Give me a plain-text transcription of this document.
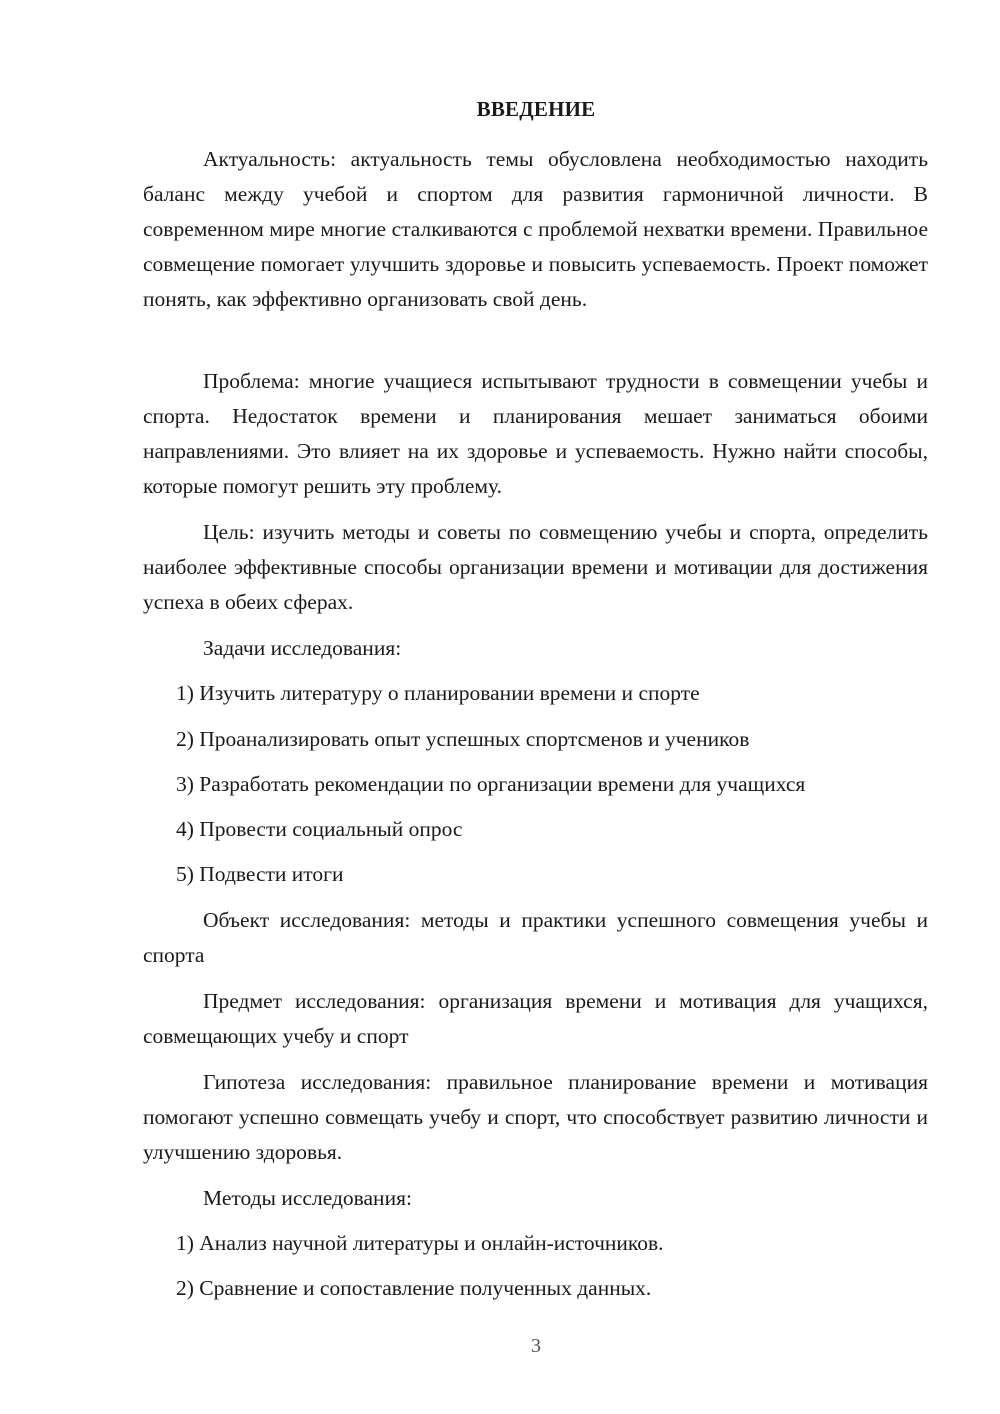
ВВЕДЕНИЕ

Актуальность: актуальность темы обусловлена необходимостью находить баланс между учебой и спортом для развития гармоничной личности. В современном мире многие сталкиваются с проблемой нехватки времени. Правильное совмещение помогает улучшить здоровье и повысить успеваемость. Проект поможет понять, как эффективно организовать свой день.

Проблема: многие учащиеся испытывают трудности в совмещении учебы и спорта. Недостаток времени и планирования мешает заниматься обоими направлениями. Это влияет на их здоровье и успеваемость. Нужно найти способы, которые помогут решить эту проблему.

Цель: изучить методы и советы по совмещению учебы и спорта, определить наиболее эффективные способы организации времени и мотивации для достижения успеха в обеих сферах.

Задачи исследования:

1) Изучить литературу о планировании времени и спорте

2) Проанализировать опыт успешных спортсменов и учеников

3) Разработать рекомендации по организации времени для учащихся

4) Провести социальный опрос

5) Подвести итоги

Объект исследования: методы и практики успешного совмещения учебы и спорта

Предмет исследования: организация времени и мотивация для учащихся, совмещающих учебу и спорт

Гипотеза исследования: правильное планирование времени и мотивация помогают успешно совмещать учебу и спорт, что способствует развитию личности и улучшению здоровья.

Методы исследования:

1) Анализ научной литературы и онлайн-источников.

2) Сравнение и сопоставление полученных данных.

3
